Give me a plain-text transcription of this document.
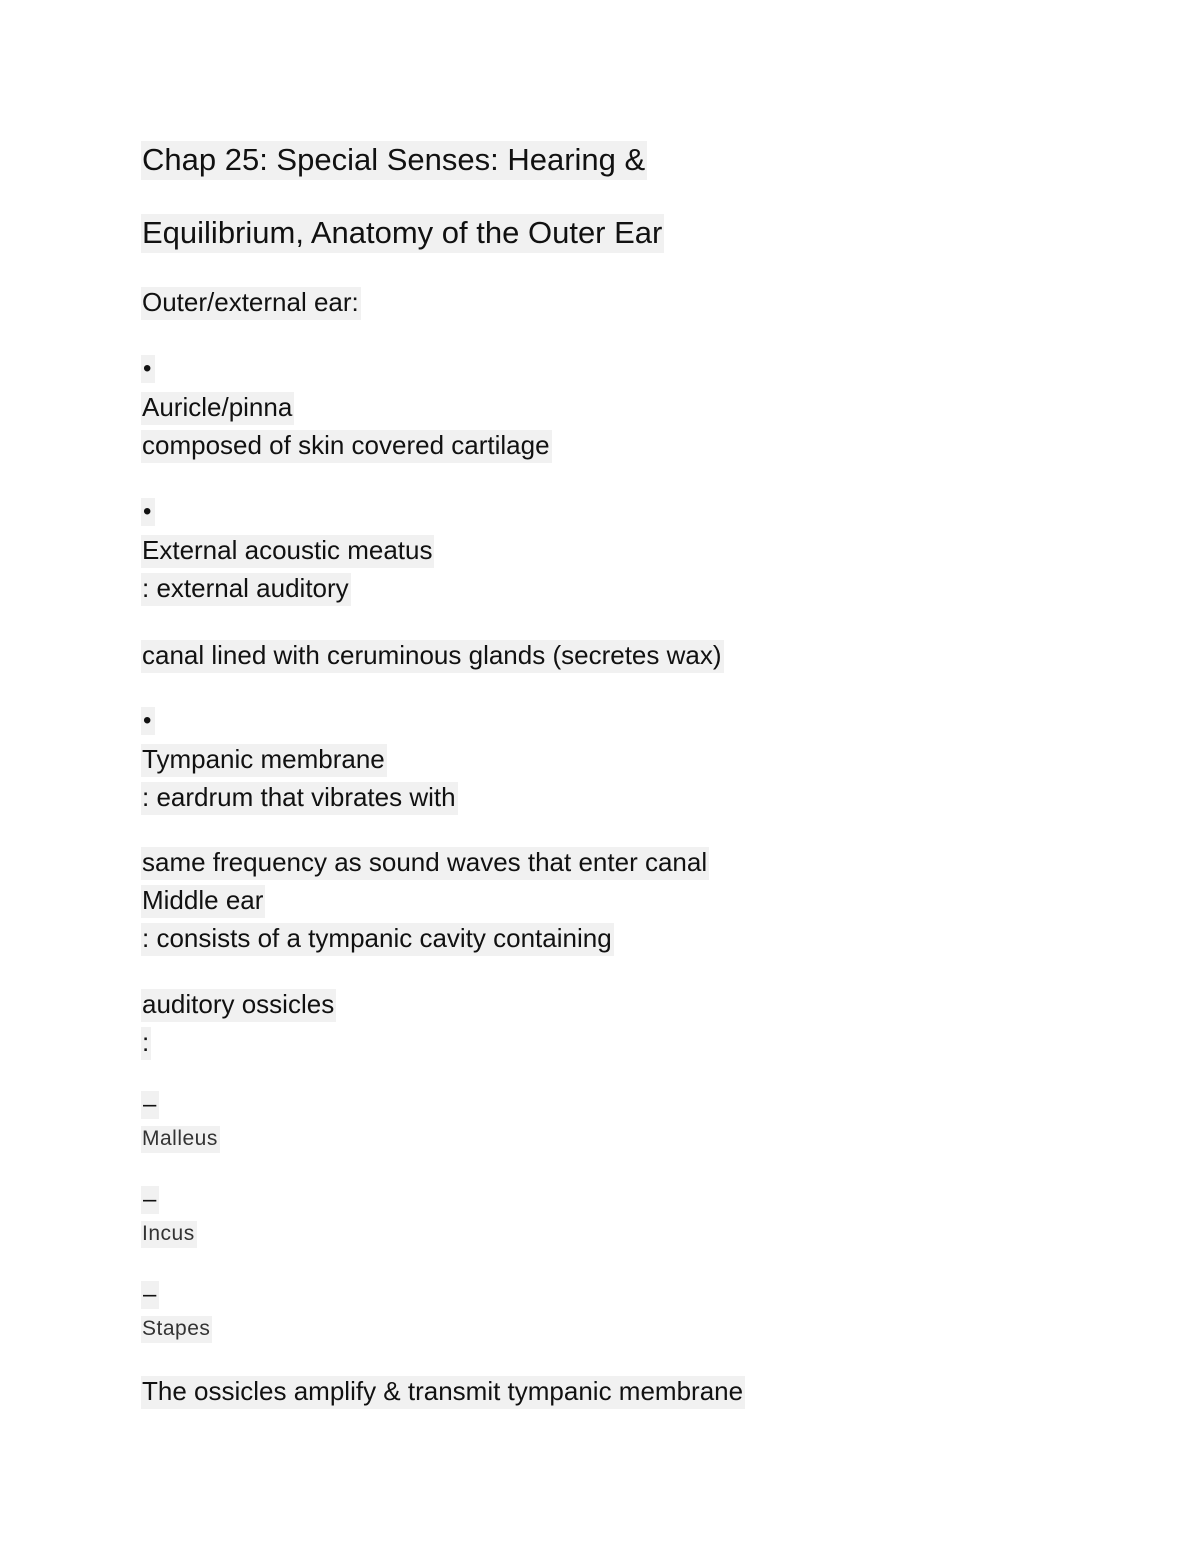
Chap 25: Special Senses: Hearing &
Equilibrium, Anatomy of the Outer Ear
Outer/external ear:
•
Auricle/pinna
composed of skin covered cartilage
•
External acoustic meatus
: external auditory
canal lined with ceruminous glands (secretes wax)
•
Tympanic membrane
: eardrum that vibrates with
same frequency as sound waves that enter canal
Middle ear
: consists of a tympanic cavity containing
auditory ossicles
:
–
Malleus
–
Incus
–
Stapes
The ossicles amplify & transmit tympanic membrane
